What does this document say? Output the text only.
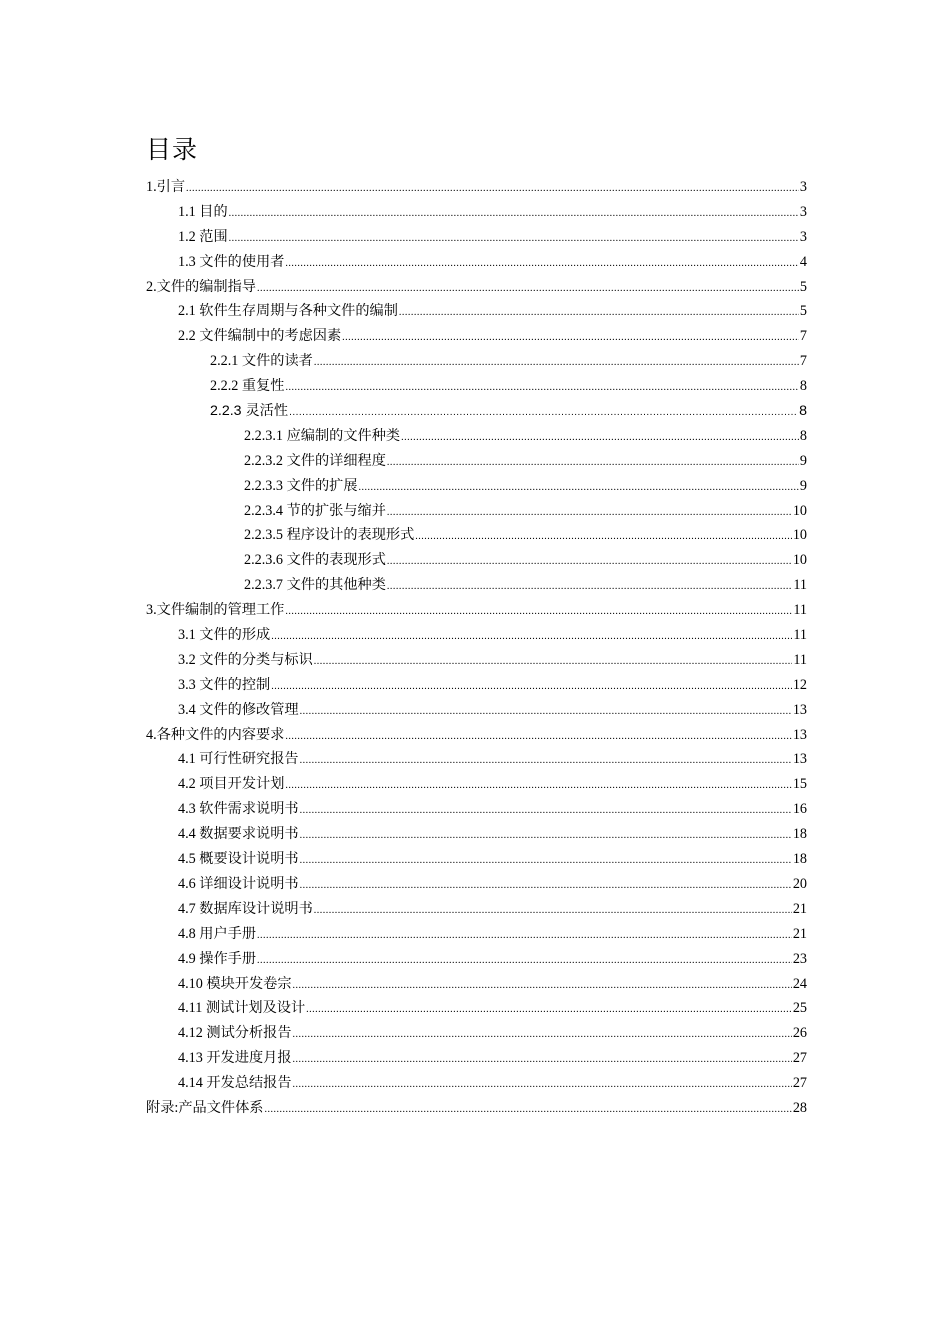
目录
1.引言 .....	3
1.1 目的 .....	3
1.2 范围 .....	3
1.3 文件的使用者 .....	4
2.文件的编制指导 .....	5
2.1 软件生存周期与各种文件的编制 .....	5
2.2 文件编制中的考虑因素 .....	7
2.2.1 文件的读者 .....	7
2.2.2 重复性 .....	8
2.2.3 灵活性 .....	8
2.2.3.1 应编制的文件种类 .....	8
2.2.3.2 文件的详细程度 .....	9
2.2.3.3 文件的扩展 .....	9
2.2.3.4 节的扩张与缩并 .....	10
2.2.3.5 程序设计的表现形式 .....	10
2.2.3.6 文件的表现形式 .....	10
2.2.3.7 文件的其他种类 .....	11
3.文件编制的管理工作 .....	11
3.1 文件的形成 .....	11
3.2 文件的分类与标识 .....	11
3.3 文件的控制 .....	12
3.4 文件的修改管理 .....	13
4.各种文件的内容要求 .....	13
4.1 可行性研究报告 .....	13
4.2 项目开发计划 .....	15
4.3 软件需求说明书 .....	16
4.4 数据要求说明书 .....	18
4.5 概要设计说明书 .....	18
4.6 详细设计说明书 .....	20
4.7 数据库设计说明书 .....	21
4.8 用户手册 .....	21
4.9 操作手册 .....	23
4.10 模块开发卷宗 .....	24
4.11 测试计划及设计 .....	25
4.12 测试分析报告 .....	26
4.13 开发进度月报 .....	27
4.14 开发总结报告 .....	27
附录:产品文件体系 .....	28
